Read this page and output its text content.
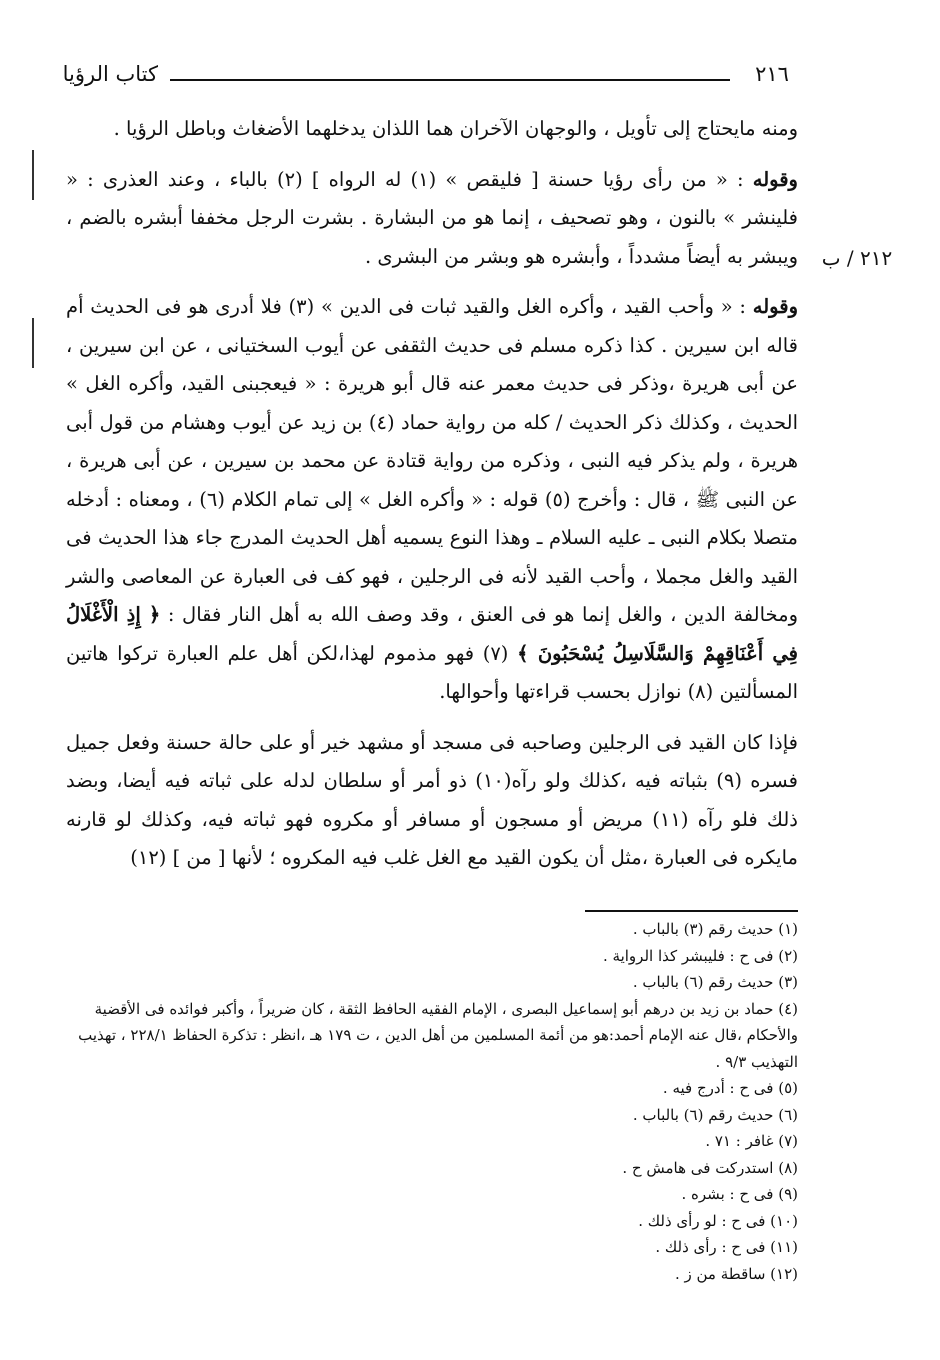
٢١٦
كتاب الرؤيا
٢١٢ / ب

ومنه مايحتاج إلى تأويل ، والوجهان الآخران هما اللذان يدخلهما الأضغاث وباطل الرؤيا .

وقوله : « من رأى رؤيا حسنة [ فليقص » (١) له الرواه ] (٢) بالباء ، وعند العذرى : « فلينشر » بالنون ، وهو تصحيف ، إنما هو من البشارة . بشرت الرجل مخففا أبشره بالضم ، ويبشر به أيضاً مشدداً ، وأبشره هو وبشر من البشرى .

وقوله : « وأحب القيد ، وأكره الغل والقيد ثبات فى الدين » (٣) فلا أدرى هو فى الحديث أم قاله ابن سيرين . كذا ذكره مسلم فى حديث الثقفى عن أيوب السختيانى ، عن ابن سيرين ، عن أبى هريرة ،وذكر فى حديث معمر عنه قال أبو هريرة : « فيعجبنى القيد، وأكره الغل » الحديث ، وكذلك ذكر الحديث / كله من رواية حماد (٤) بن زيد عن أيوب وهشام من قول أبى هريرة ، ولم يذكر فيه النبى ، وذكره من رواية قتادة عن محمد بن سيرين ، عن أبى هريرة ، عن النبى ﷺ ، قال : وأخرج (٥) قوله : « وأكره الغل » إلى تمام الكلام (٦) ، ومعناه : أدخله متصلا بكلام النبى ـ عليه السلام ـ وهذا النوع يسميه أهل الحديث المدرج جاء هذا الحديث فى القيد والغل مجملا ، وأحب القيد لأنه فى الرجلين ، فهو كف فى العبارة عن المعاصى والشر ومخالفة الدين ، والغل إنما هو فى العنق ، وقد وصف الله به أهل النار فقال : ﴿ إِذِ الْأَغْلَالُ فِي أَعْنَاقِهِمْ وَالسَّلَاسِلُ يُسْحَبُونَ ﴾ (٧) فهو مذموم لهذا،لكن أهل علم العبارة تركوا هاتين المسألتين (٨) نوازل بحسب قراءتها وأحوالها.

فإذا كان القيد فى الرجلين وصاحبه فى مسجد أو مشهد خير أو على حالة حسنة وفعل جميل فسره (٩) بثباته فيه ،كذلك ولو رآه(١٠) ذو أمر أو سلطان لدله على ثباته فيه أيضا، وبضد ذلك فلو رآه (١١) مريض أو مسجون أو مسافر أو مكروه فهو ثباته فيه، وكذلك لو قارنه مايكره فى العبارة ،مثل أن يكون القيد مع الغل غلب فيه المكروه ؛ لأنها [ من ] (١٢)

(١) حديث رقم (٣) بالباب .

(٢) فى ح : فليبشر كذا الرواية .

(٣) حديث رقم (٦) بالباب .

(٤) حماد بن زيد بن درهم أبو إسماعيل البصرى ، الإمام الفقيه الحافظ الثقة ، كان ضريراً ، وأكبر فوائده فى الأقضية والأحكام ،قال عنه الإمام أحمد:هو من أئمة المسلمين من أهل الدين ، ت ١٧٩ هـ ،انظر : تذكرة الحفاظ ٢٢٨/١ ، تهذيب التهذيب ٩/٣ .

(٥) فى ح : أدرج فيه .

(٦) حديث رقم (٦) بالباب .

(٧) غافر : ٧١ .

(٨) استدركت فى هامش ح .

(٩) فى ح : بشره .

(١٠) فى ح : لو رأى ذلك .

(١١) فى ح : رأى ذلك .

(١٢) ساقطة من ز .
